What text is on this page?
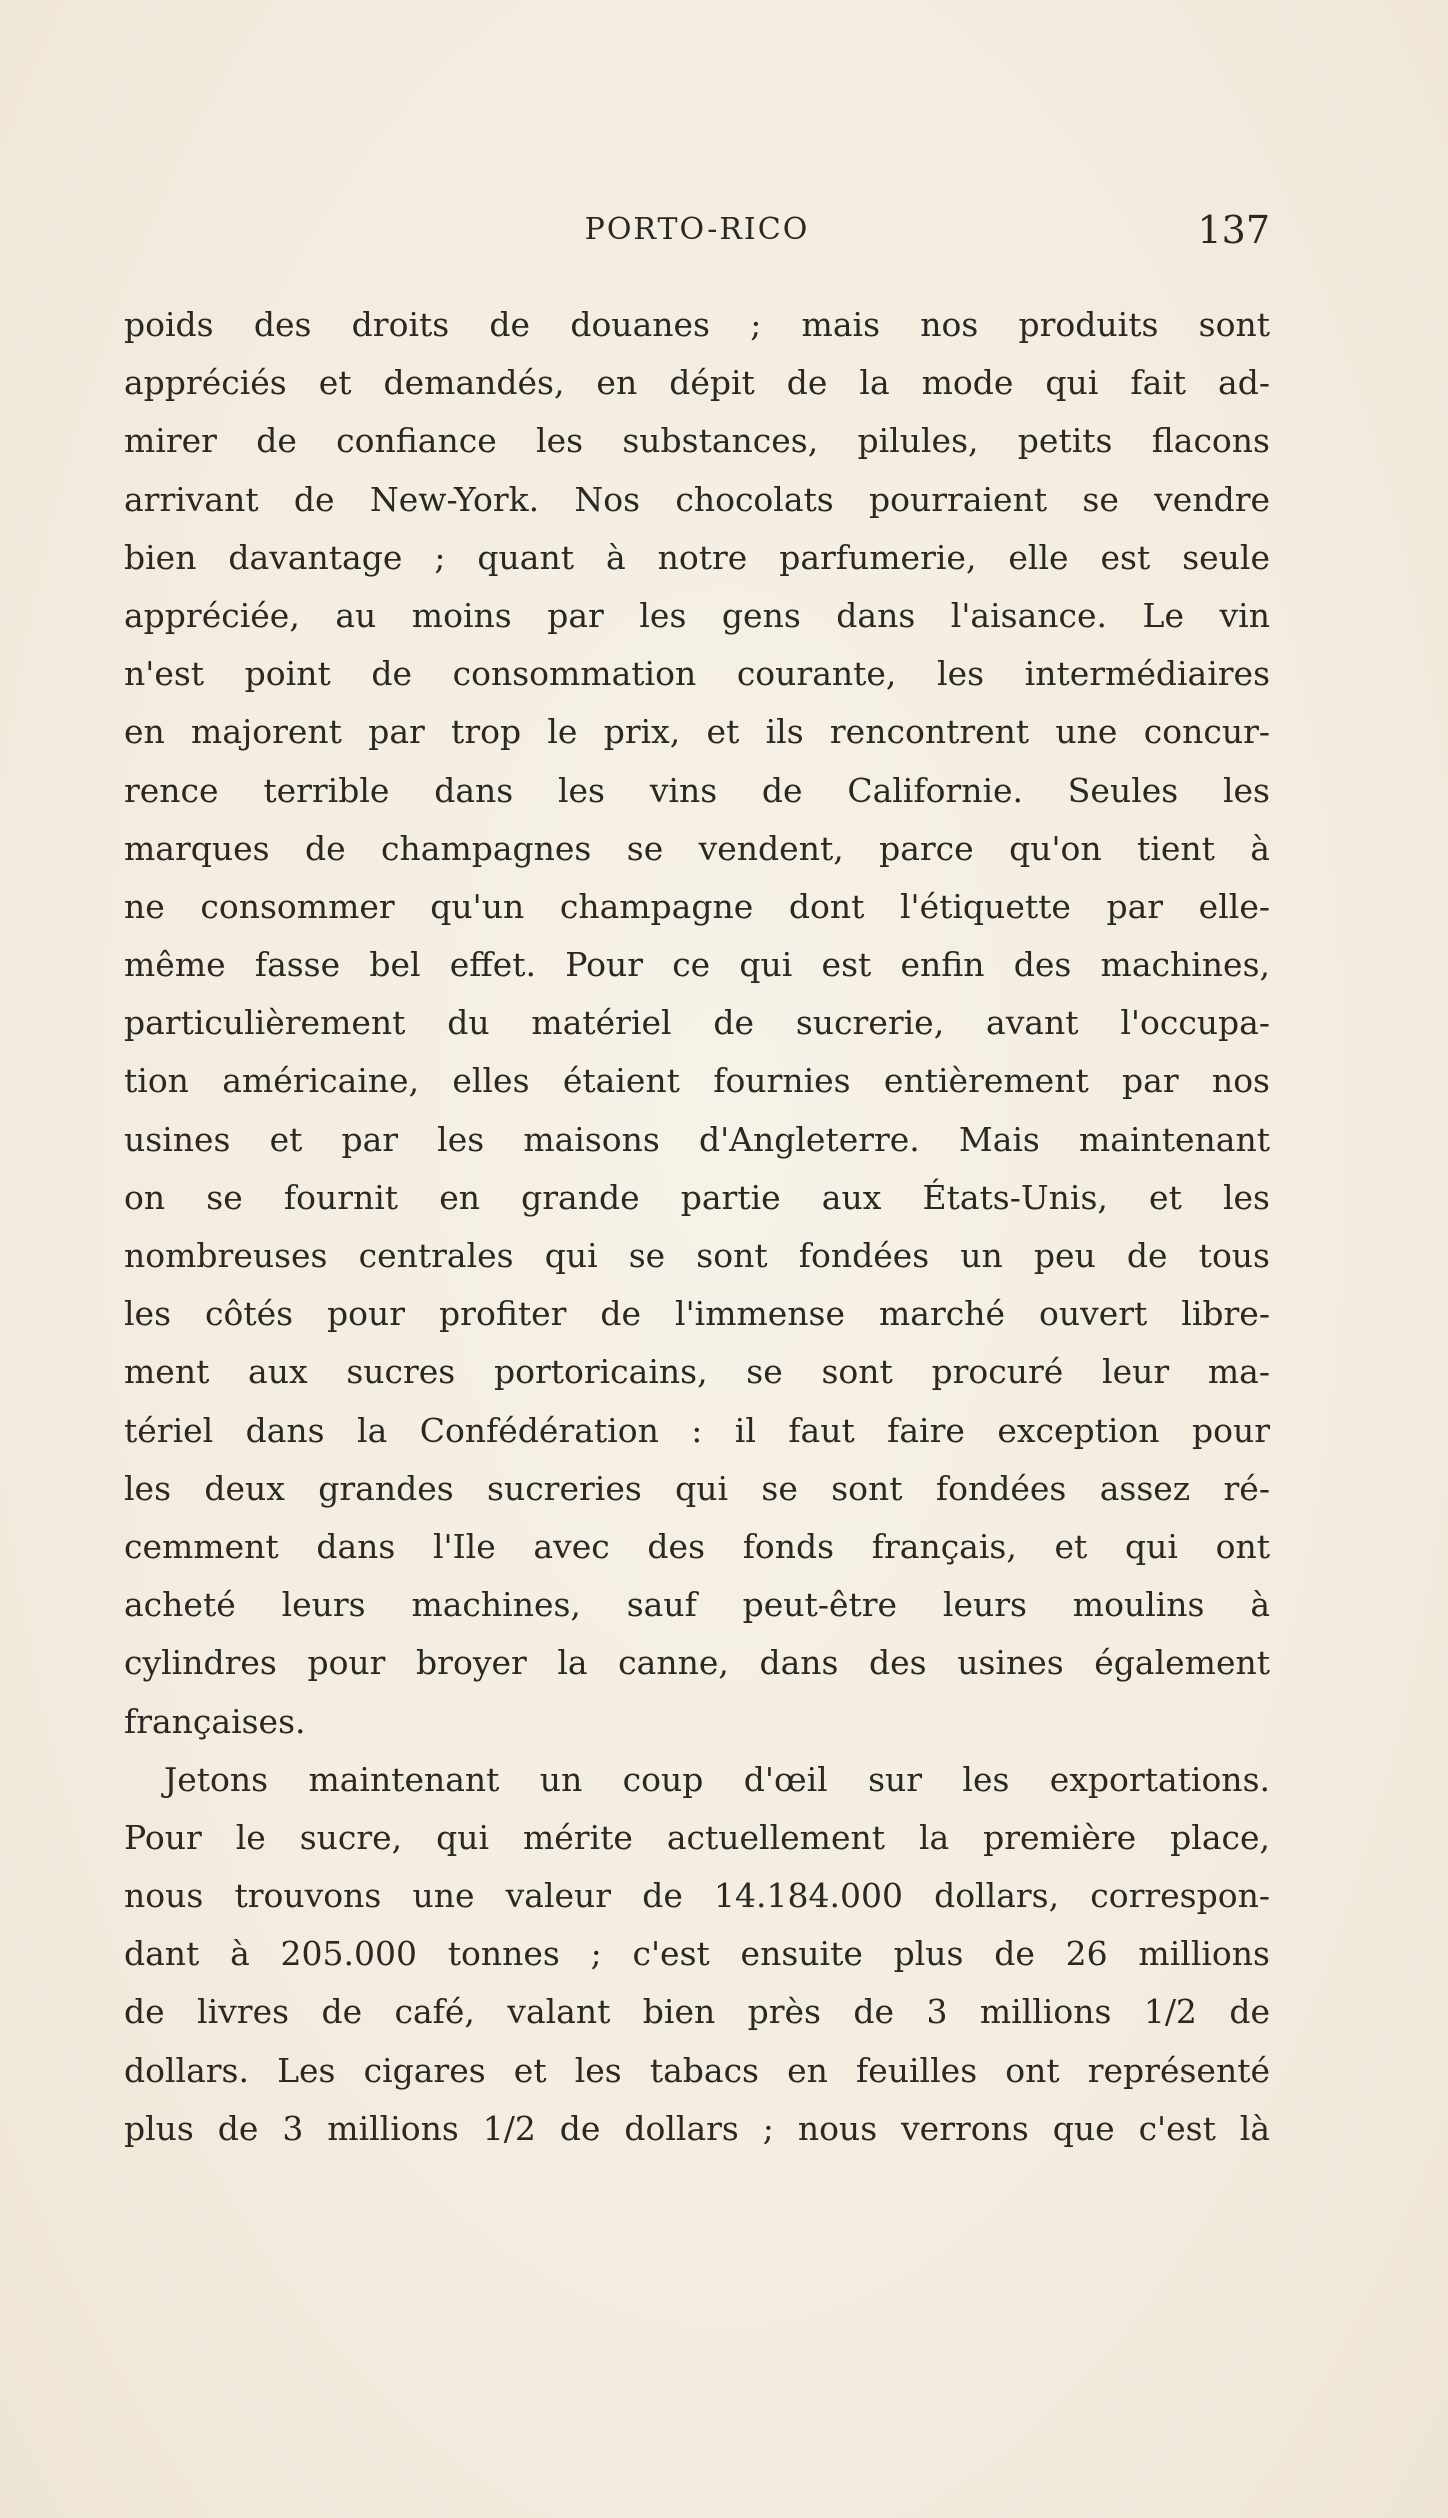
PORTO-RICO	137
poids des droits de douanes ; mais nos produits sont
appréciés et demandés, en dépit de la mode qui fait ad-
mirer de confiance les substances, pilules, petits flacons
arrivant de New-York. Nos chocolats pourraient se vendre
bien davantage ; quant à notre parfumerie, elle est seule
appréciée, au moins par les gens dans l'aisance. Le vin
n'est point de consommation courante, les intermédiaires
en majorent par trop le prix, et ils rencontrent une concur-
rence terrible dans les vins de Californie. Seules les
marques de champagnes se vendent, parce qu'on tient à
ne consommer qu'un champagne dont l'étiquette par elle-
même fasse bel effet. Pour ce qui est enfin des machines,
particulièrement du matériel de sucrerie, avant l'occupa-
tion américaine, elles étaient fournies entièrement par nos
usines et par les maisons d'Angleterre. Mais maintenant
on se fournit en grande partie aux États-Unis, et les
nombreuses centrales qui se sont fondées un peu de tous
les côtés pour profiter de l'immense marché ouvert libre-
ment aux sucres portoricains, se sont procuré leur ma-
tériel dans la Confédération : il faut faire exception pour
les deux grandes sucreries qui se sont fondées assez ré-
cemment dans l'Ile avec des fonds français, et qui ont
acheté leurs machines, sauf peut-être leurs moulins à
cylindres pour broyer la canne, dans des usines également
françaises.
Jetons maintenant un coup d'œil sur les exportations.
Pour le sucre, qui mérite actuellement la première place,
nous trouvons une valeur de 14.184.000 dollars, correspon-
dant à 205.000 tonnes ; c'est ensuite plus de 26 millions
de livres de café, valant bien près de 3 millions 1/2 de
dollars. Les cigares et les tabacs en feuilles ont représenté
plus de 3 millions 1/2 de dollars ; nous verrons que c'est là
